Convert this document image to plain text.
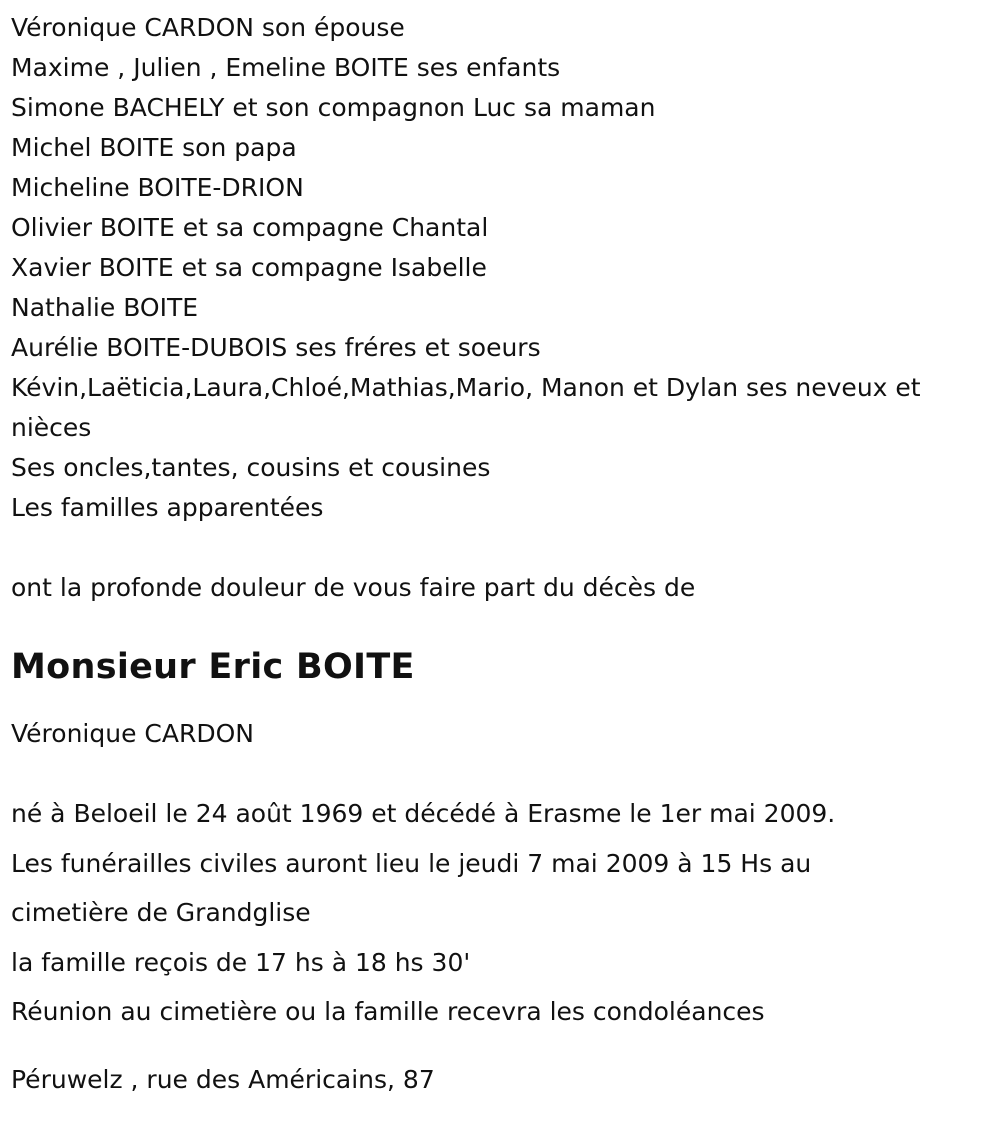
Véronique CARDON son épouse
Maxime , Julien , Emeline BOITE ses enfants
Simone BACHELY et son compagnon Luc sa maman
Michel BOITE son papa
Micheline BOITE-DRION
Olivier BOITE et sa compagne Chantal
Xavier BOITE et sa compagne Isabelle
Nathalie BOITE
Aurélie BOITE-DUBOIS ses fréres et soeurs
Kévin,Laëticia,Laura,Chloé,Mathias,Mario, Manon et Dylan ses neveux et nièces
Ses oncles,tantes, cousins et cousines
Les familles apparentées

ont la profonde douleur de vous faire part du décès de

Monsieur Eric BOITE

Véronique CARDON

né à Beloeil le 24 août 1969 et décédé à Erasme le 1er mai 2009.
Les funérailles civiles auront lieu le jeudi 7 mai 2009 à 15 Hs au
cimetière de Grandglise
la famille reçois de 17 hs à 18 hs 30'
Réunion au cimetière ou la famille recevra les condoléances

Péruwelz , rue des Américains, 87
